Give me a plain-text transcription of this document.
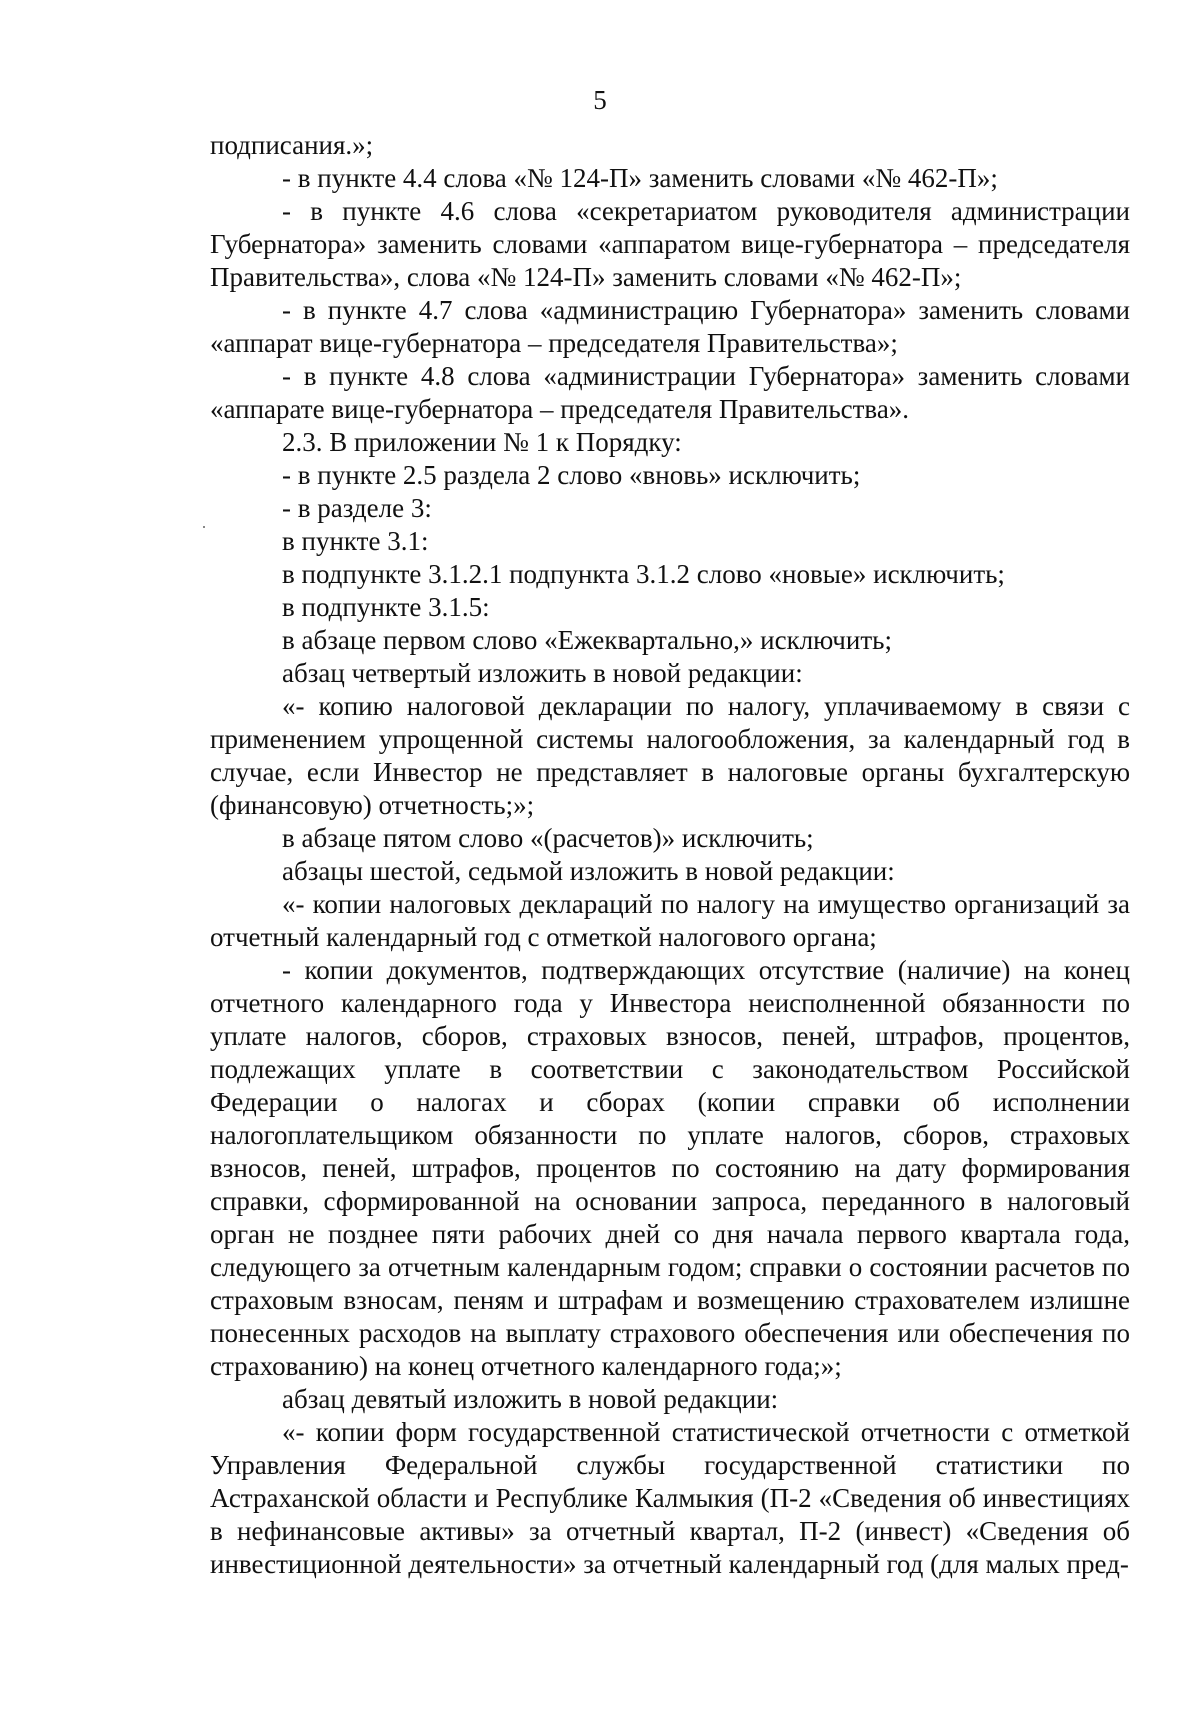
5

подписания.»;

- в пункте 4.4 слова «№ 124-П» заменить словами «№ 462-П»;

- в пункте 4.6 слова «секретариатом руководителя администрации Губернатора» заменить словами «аппаратом вице-губернатора – председателя Правительства», слова «№ 124-П» заменить словами «№ 462-П»;

- в пункте 4.7 слова «администрацию Губернатора» заменить словами «аппарат вице-губернатора – председателя Правительства»;

- в пункте 4.8 слова «администрации Губернатора» заменить словами «аппарате вице-губернатора – председателя Правительства».

2.3. В приложении № 1 к Порядку:

- в пункте 2.5 раздела 2 слово «вновь» исключить;

- в разделе 3:

в пункте 3.1:

в подпункте 3.1.2.1 подпункта 3.1.2 слово «новые» исключить;

в подпункте 3.1.5:

в абзаце первом слово «Ежеквартально,» исключить;

абзац четвертый изложить в новой редакции:

«- копию налоговой декларации по налогу, уплачиваемому в связи с применением упрощенной системы налогообложения, за календарный год в случае, если Инвестор не представляет в налоговые органы бухгалтерскую (финансовую) отчетность;»;

в абзаце пятом слово «(расчетов)» исключить;

абзацы шестой, седьмой изложить в новой редакции:

«- копии налоговых деклараций по налогу на имущество организаций за отчетный календарный год с отметкой налогового органа;

- копии документов, подтверждающих отсутствие (наличие) на конец отчетного календарного года у Инвестора неисполненной обязанности по уплате налогов, сборов, страховых взносов, пеней, штрафов, процентов, подлежащих уплате в соответствии с законодательством Российской Федерации о налогах и сборах (копии справки об исполнении налогоплательщиком обязанности по уплате налогов, сборов, страховых взносов, пеней, штрафов, процентов по состоянию на дату формирования справки, сформированной на основании запроса, переданного в налоговый орган не позднее пяти рабочих дней со дня начала первого квартала года, следующего за отчетным календарным годом; справки о состоянии расчетов по страховым взносам, пеням и штрафам и возмещению страхователем излишне понесенных расходов на выплату страхового обеспечения или обеспечения по страхованию) на конец отчетного календарного года;»;

абзац девятый изложить в новой редакции:

«- копии форм государственной статистической отчетности с отметкой Управления Федеральной службы государственной статистики по Астраханской области и Республике Калмыкия (П-2 «Сведения об инвестициях в нефинансовые активы» за отчетный квартал, П-2 (инвест) «Сведения об инвестиционной деятельности» за отчетный календарный год (для малых пред-
